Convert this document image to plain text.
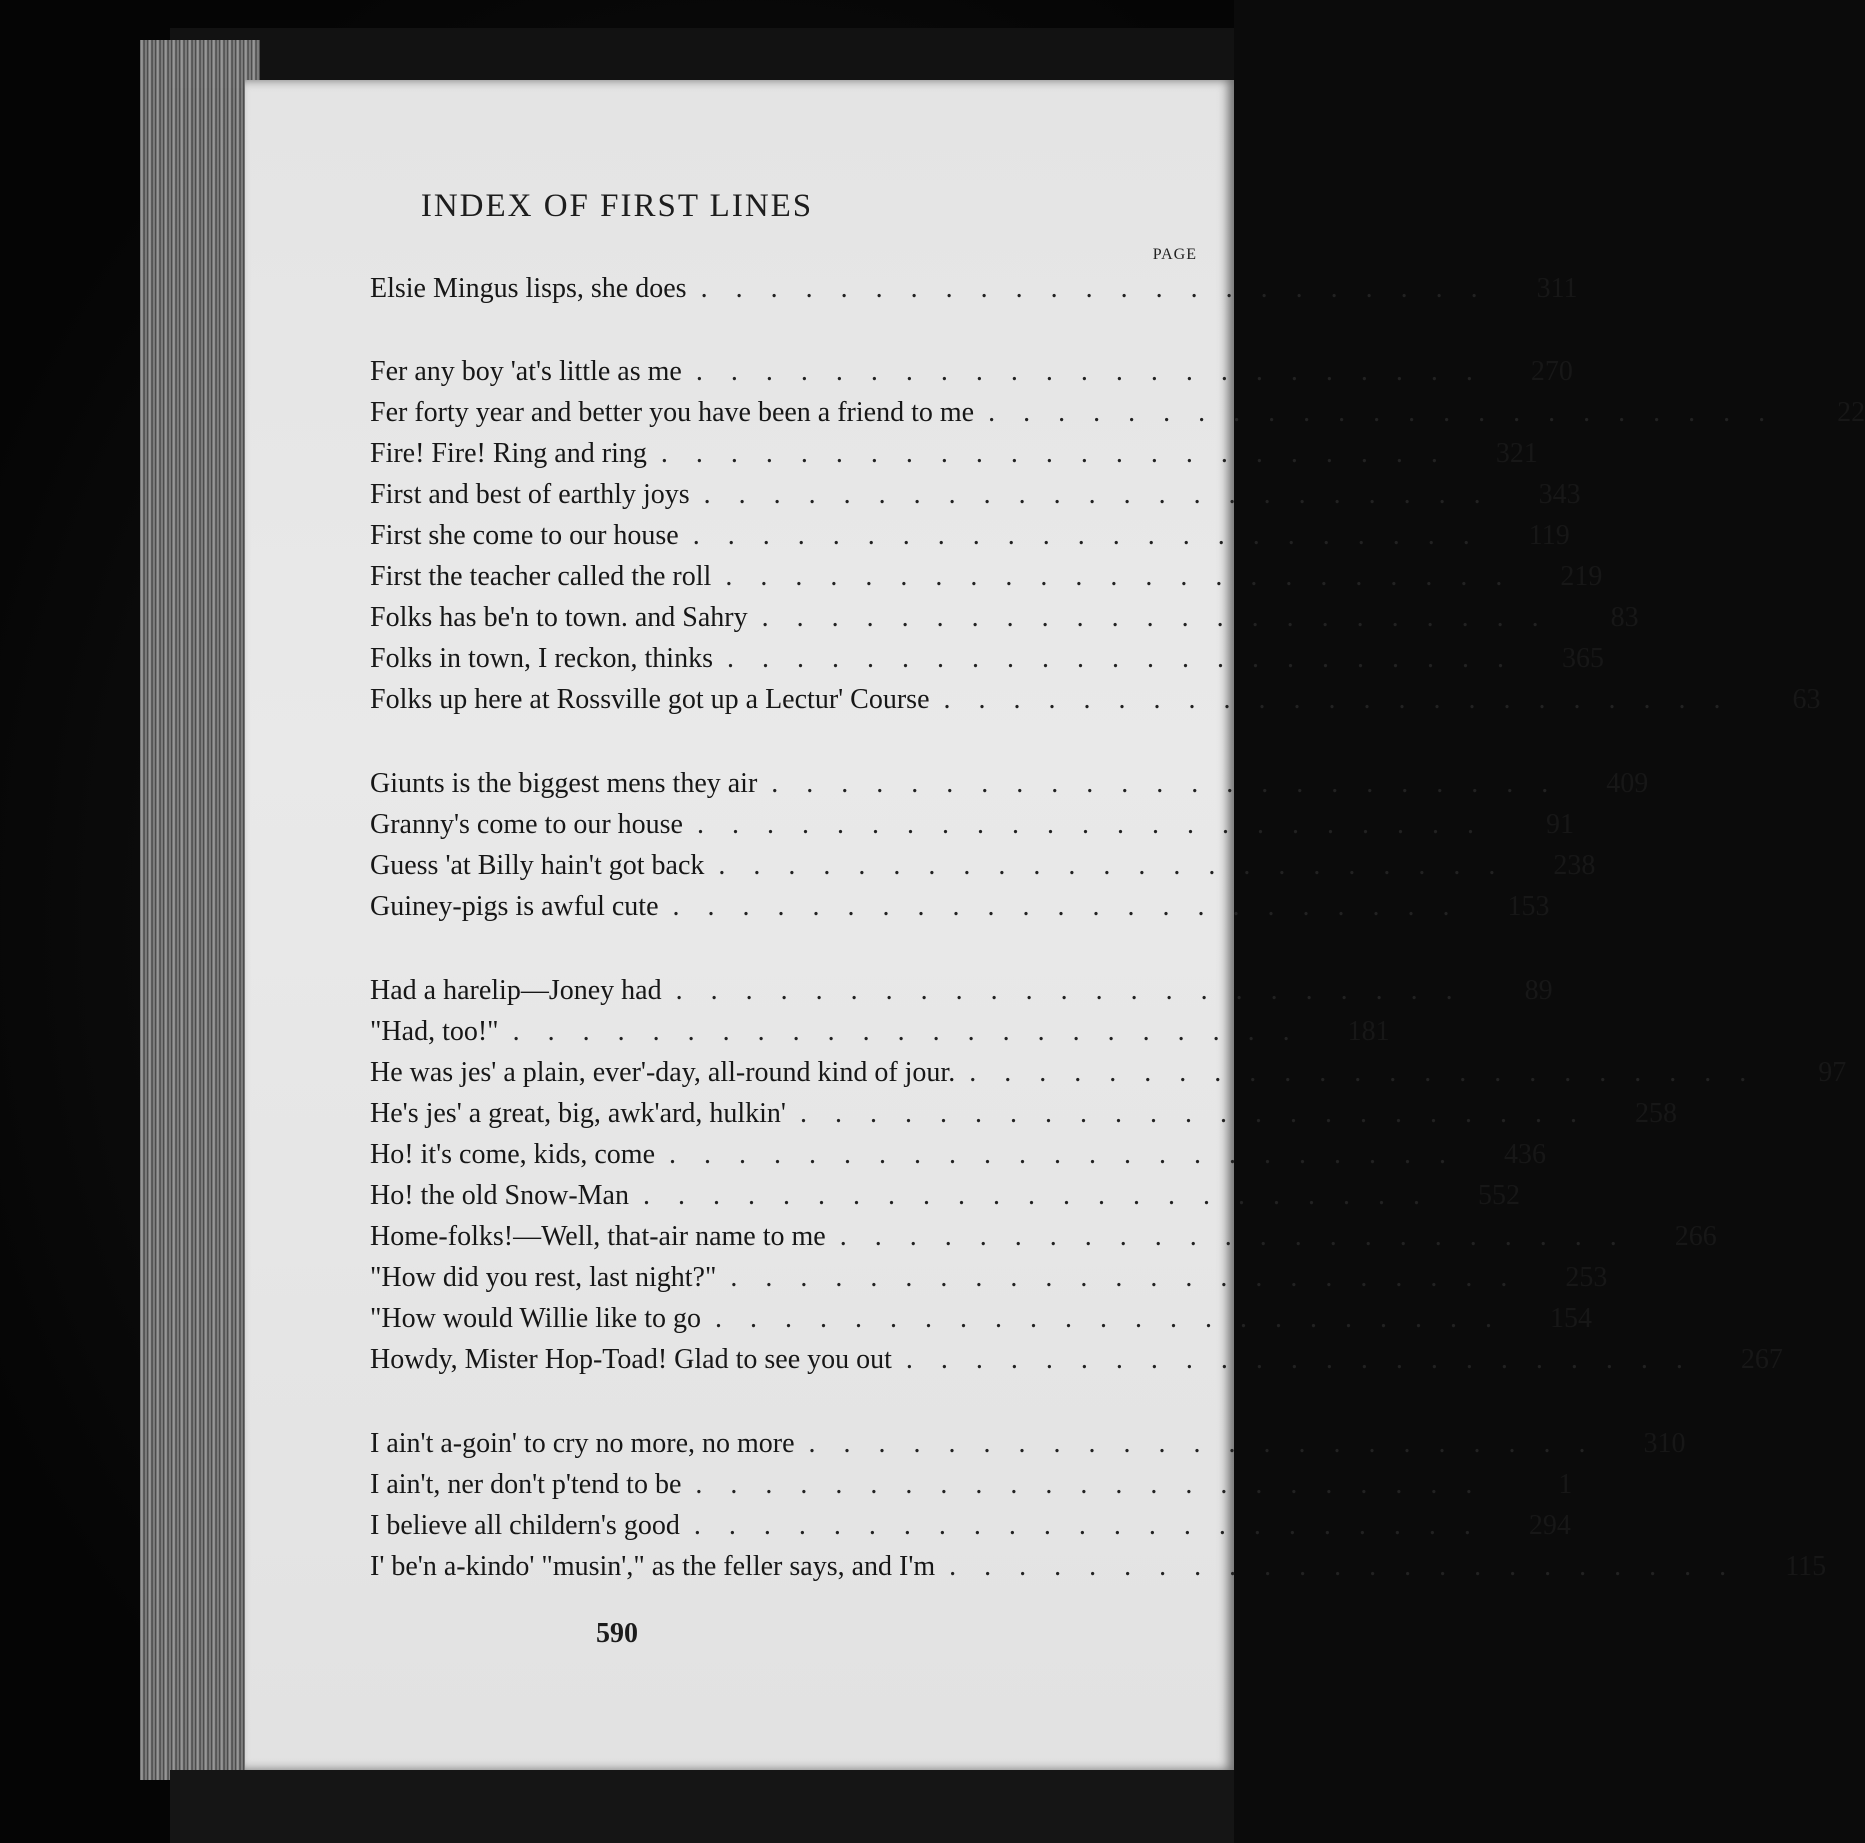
INDEX OF FIRST LINES
PAGE
Elsie Mingus lisps, she does .......................	311
Fer any boy 'at's little as me .......................	270
Fer forty year and better you have been a friend to me .......................	22
Fire! Fire! Ring and ring .......................	321
First and best of earthly joys .......................	343
First she come to our house .......................	119
First the teacher called the roll .......................	219
Folks has be'n to town. and Sahry .......................	83
Folks in town, I reckon, thinks .......................	365
Folks up here at Rossville got up a Lectur' Course .......................	63
Giunts is the biggest mens they air .......................	409
Granny's come to our house .......................	91
Guess 'at Billy hain't got back .......................	238
Guiney-pigs is awful cute .......................	153
Had a harelip—Joney had .......................	89
"Had, too!" .......................	181
He was jes' a plain, ever'-day, all-round kind of jour. .......................	97
He's jes' a great, big, awk'ard, hulkin' .......................	258
Ho! it's come, kids, come .......................	436
Ho! the old Snow-Man .......................	552
Home-folks!—Well, that-air name to me .......................	266
"How did you rest, last night?" .......................	253
"How would Willie like to go .......................	154
Howdy, Mister Hop-Toad! Glad to see you out .......................	267
I ain't a-goin' to cry no more, no more .......................	310
I ain't, ner don't p'tend to be .......................	1
I believe all childern's good .......................	294
I' be'n a-kindo' "musin'," as the feller says, and I'm .......................	115
590
